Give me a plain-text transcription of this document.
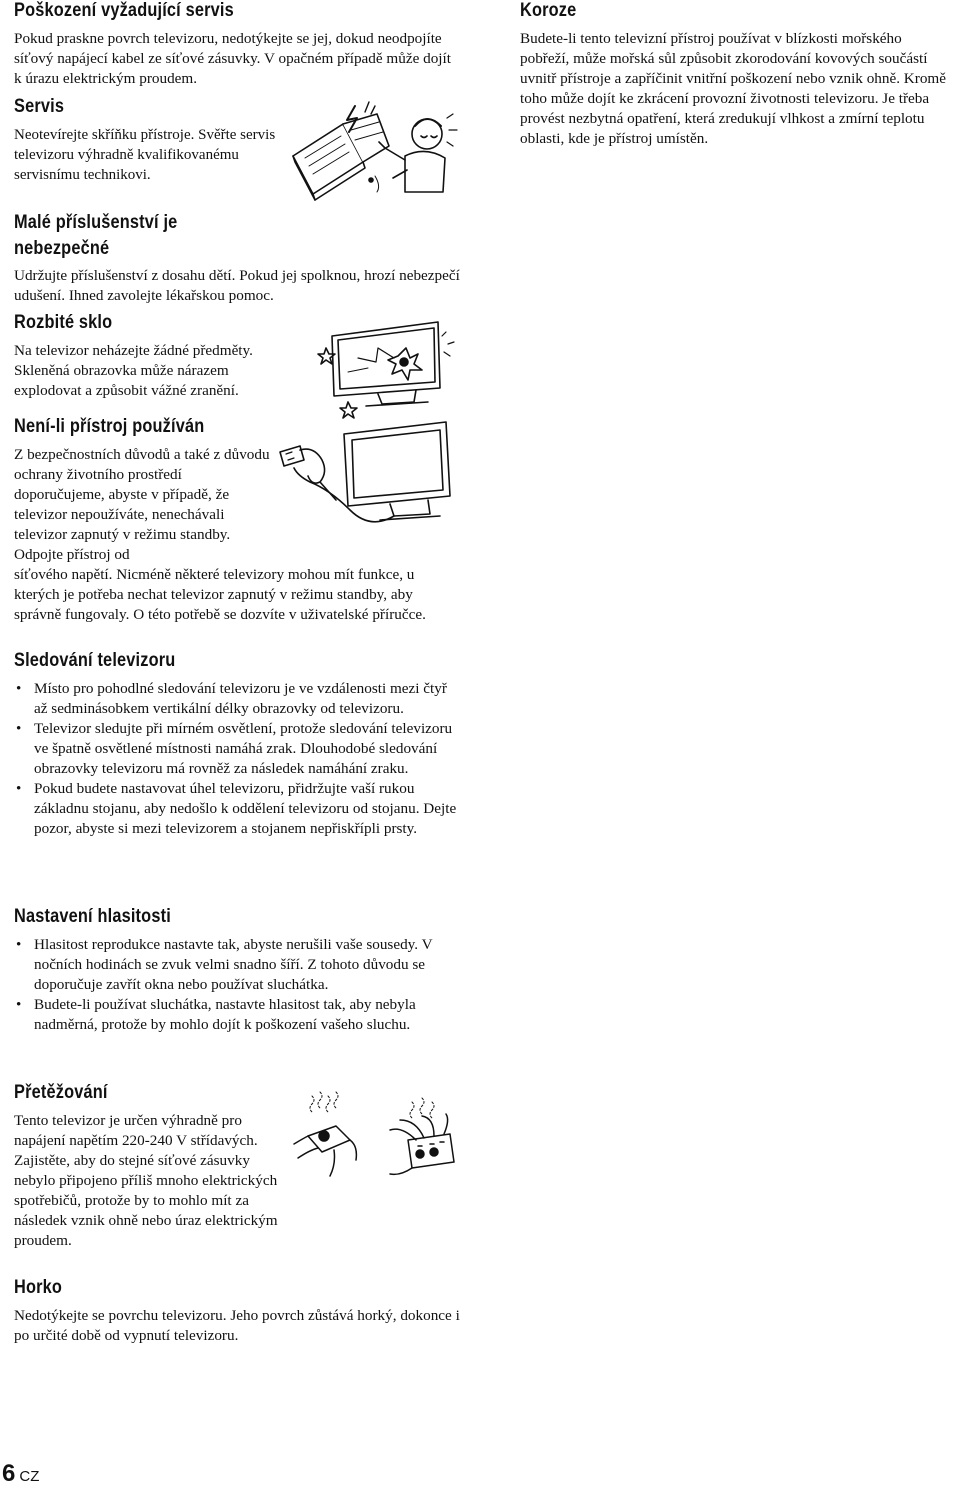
Poškození vyžadující servis

Pokud praskne povrch televizoru, nedotýkejte se jej, dokud neodpojíte síťový napájecí kabel ze síťové zásuvky. V opačném případě může dojít k úrazu elektrickým proudem.

Servis

Neotevírejte skříňku přístroje. Svěřte servis televizoru výhradně kvalifikovanému servisnímu technikovi.

Malé příslušenství je nebezpečné

Udržujte příslušenství z dosahu dětí. Pokud jej spolknou, hrozí nebezpečí udušení. Ihned zavolejte lékařskou pomoc.

Rozbité sklo

Na televizor neházejte žádné předměty. Skleněná obrazovka může nárazem explodovat a způsobit vážné zranění.

Není-li přístroj používán

Z bezpečnostních důvodů a také z důvodu ochrany životního prostředí doporučujeme, abyste v případě, že televizor nepoužíváte, nenechávali televizor zapnutý v režimu standby. Odpojte přístroj od

síťového napětí. Nicméně některé televizory mohou mít funkce, u kterých je potřeba nechat televizor zapnutý v režimu standby, aby správně fungovaly. O této potřebě se dozvíte v uživatelské příručce.

Sledování televizoru
• Místo pro pohodlné sledování televizoru je ve vzdálenosti mezi čtyř až sedminásobkem vertikální délky obrazovky od televizoru.
• Televizor sledujte při mírném osvětlení, protože sledování televizoru ve špatně osvětlené místnosti namáhá zrak. Dlouhodobé sledování obrazovky televizoru má rovněž za následek namáhání zraku.
• Pokud budete nastavovat úhel televizoru, přidržujte vaší rukou základnu stojanu, aby nedošlo k oddělení televizoru od stojanu. Dejte pozor, abyste si mezi televizorem a stojanem nepřiskřípli prsty.
Nastavení hlasitosti
• Hlasitost reprodukce nastavte tak, abyste nerušili vaše sousedy. V nočních hodinách se zvuk velmi snadno šíří. Z tohoto důvodu se doporučuje zavřít okna nebo používat sluchátka.
• Budete-li používat sluchátka, nastavte hlasitost tak, aby nebyla nadměrná, protože by mohlo dojít k poškození vašeho sluchu.
Přetěžování

Tento televizor je určen výhradně pro napájení napětím 220-240 V střídavých. Zajistěte, aby do stejné síťové zásuvky nebylo připojeno příliš mnoho elektrických spotřebičů, protože by to mohlo mít za následek vznik ohně nebo úraz elektrickým proudem.

Horko

Nedotýkejte se povrchu televizoru. Jeho povrch zůstává horký, dokonce i po určité době od vypnutí televizoru.

Koroze

Budete-li tento televizní přístroj používat v blízkosti mořského pobřeží, může mořská sůl způsobit zkorodování kovových součástí uvnitř přístroje a zapříčinit vnitřní poškození nebo vznik ohně. Kromě toho může dojít ke zkrácení provozní životnosti televizoru. Je třeba provést nezbytná opatření, která zredukují vlhkost a zmírní teplotu oblasti, kde je přístroj umístěn.

6 CZ
